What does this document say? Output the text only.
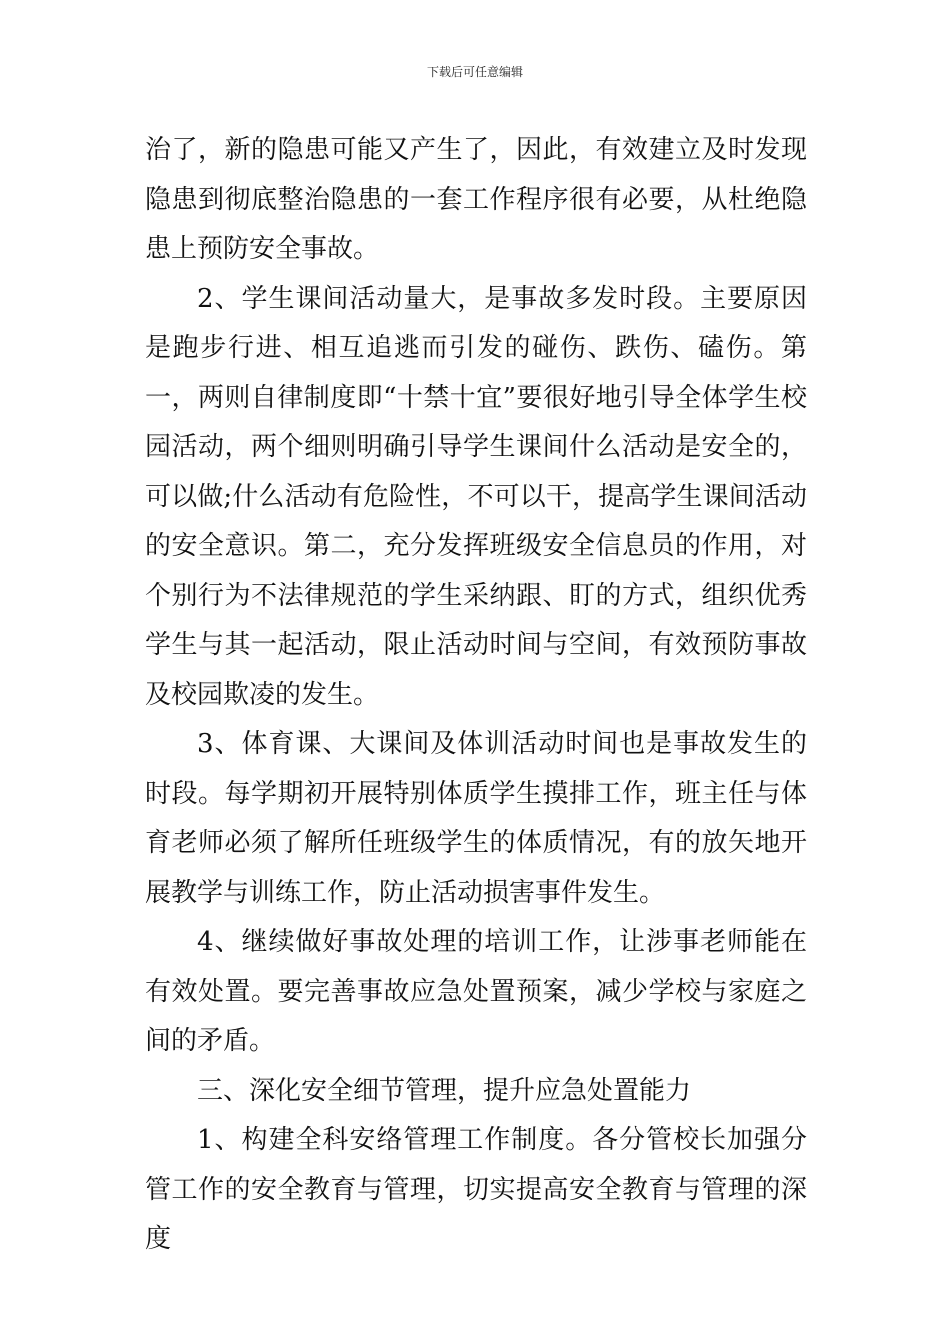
下载后可任意编辑

治了，新的隐患可能又产生了，因此，有效建立及时发现隐患到彻底整治隐患的一套工作程序很有必要，从杜绝隐患上预防安全事故。

2、学生课间活动量大，是事故多发时段。主要原因是跑步行进、相互追逃而引发的碰伤、跌伤、磕伤。第一，两则自律制度即“十禁十宜”要很好地引导全体学生校园活动，两个细则明确引导学生课间什么活动是安全的，可以做;什么活动有危险性，不可以干，提高学生课间活动的安全意识。第二，充分发挥班级安全信息员的作用，对个别行为不法律规范的学生采纳跟、盯的方式，组织优秀学生与其一起活动，限止活动时间与空间，有效预防事故及校园欺凌的发生。

3、体育课、大课间及体训活动时间也是事故发生的时段。每学期初开展特别体质学生摸排工作，班主任与体育老师必须了解所任班级学生的体质情况，有的放矢地开展教学与训练工作，防止活动损害事件发生。

4、继续做好事故处理的培训工作，让涉事老师能在有效处置。要完善事故应急处置预案，减少学校与家庭之间的矛盾。

三、深化安全细节管理，提升应急处置能力

1、构建全科安络管理工作制度。各分管校长加强分管工作的安全教育与管理，切实提高安全教育与管理的深度
